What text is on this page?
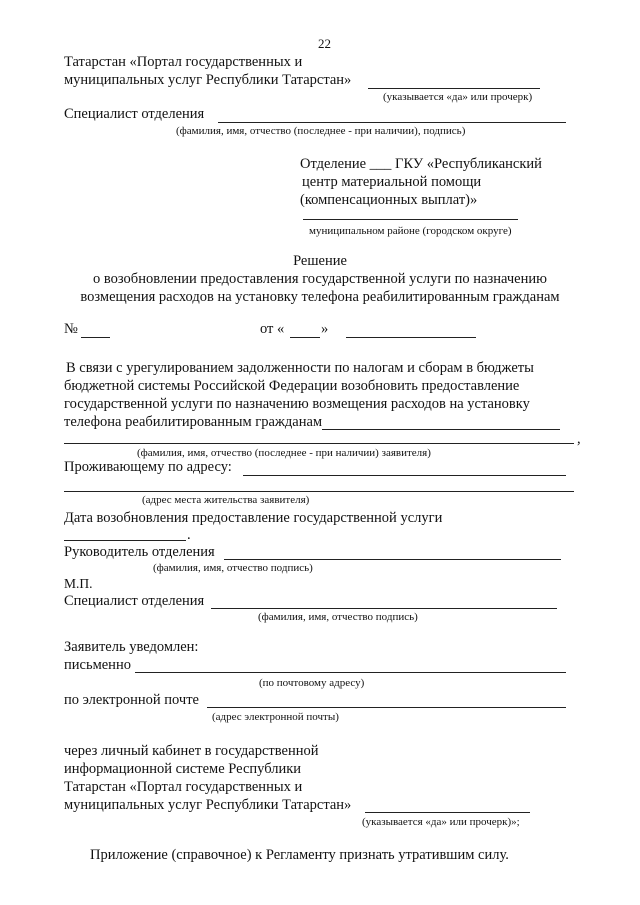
22
Татарстан «Портал государственных и
муниципальных услуг Республики Татарстан»
(указывается «да» или прочерк)
Специалист отделения
(фамилия, имя, отчество (последнее - при наличии), подпись)
Отделение ___ ГКУ «Республиканский
центр материальной помощи
(компенсационных выплат)»
муниципальном районе (городском округе)
Решение
о возобновлении предоставления государственной услуги по назначению
возмещения расходов на установку телефона реабилитированным гражданам
№	от «	»
В связи с урегулированием задолженности по налогам и сборам в бюджеты
бюджетной системы Российской Федерации возобновить предоставление
государственной услуги по назначению возмещения расходов на установку
телефона реабилитированным гражданам
,
(фамилия, имя, отчество (последнее - при наличии) заявителя)
Проживающему по адресу:
(адрес места жительства заявителя)
Дата возобновления предоставление государственной услуги
.
Руководитель отделения
(фамилия, имя, отчество подпись)
М.П.
Специалист отделения
(фамилия, имя, отчество подпись)
Заявитель уведомлен:
письменно
(по почтовому адресу)
по электронной почте
(адрес электронной почты)
через личный кабинет в государственной
информационной системе Республики
Татарстан «Портал государственных и
муниципальных услуг Республики Татарстан»
(указывается «да» или прочерк)»;
Приложение (справочное) к Регламенту признать утратившим силу.
